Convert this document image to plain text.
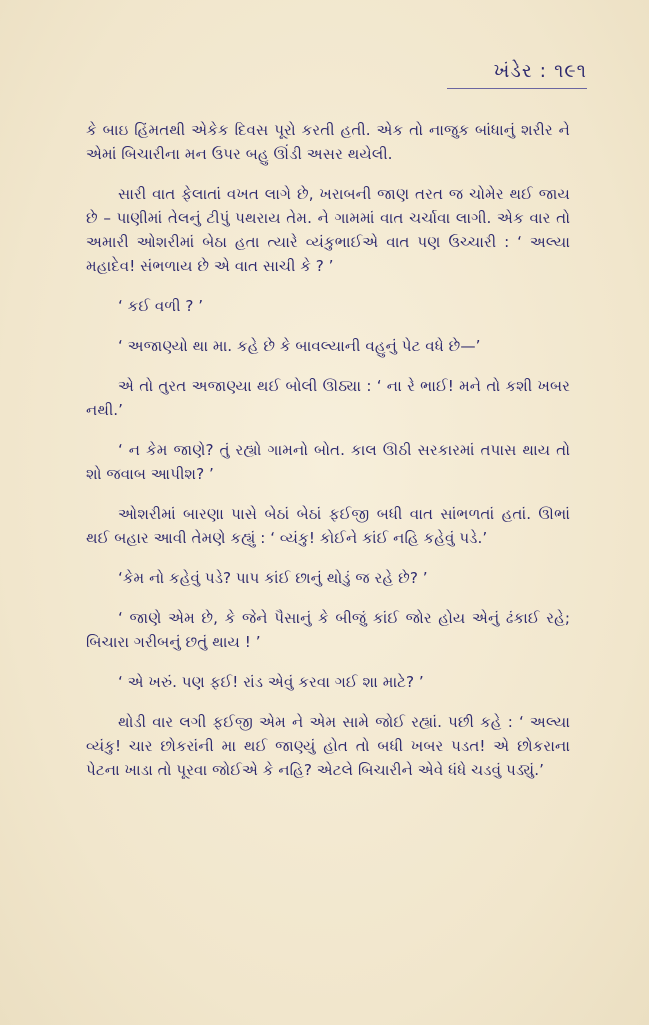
ખંડેર : ૧૯૧

કે બાઇ હિંમતથી એકેક દિવસ પૂરો કરતી હતી. એક તો નાજુક બાંધાનું શરીર ને એમાં બિચારીના મન ઉપર બહુ ઊંડી અસર થયેલી.

સારી વાત ફેલાતાં વખત લાગે છે, ખરાબની જાણ તરત જ ચોમેર થઈ જાય છે – પાણીમાં તેલનું ટીપું પથરાય તેમ. ને ગામમાં વાત ચર્ચાવા લાગી. એક વાર તો અમારી ઓશરીમાં બેઠા હતા ત્યારે વ્યંકુભાઈએ વાત પણ ઉચ્ચારી : ‘ અલ્યા મહાદેવ! સંભળાય છે એ વાત સાચી કે ? ’

‘ કઈ વળી ? ’

‘ અજાણ્યો થા મા. કહે છે કે બાવલ્યાની વહુનું પેટ વધે છે—’

એ તો તુરત અજાણ્યા થઈ બોલી ઊઠ્યા : ‘ ના રે ભાઈ! મને તો કશી ખબર નથી.’

‘ ન કેમ જાણે? તું રહ્યો ગામનો બોત. કાલ ઊઠી સરકારમાં તપાસ થાય તો શો જવાબ આપીશ? ’

ઓશરીમાં બારણા પાસે બેઠાં બેઠાં ફઈજી બધી વાત સાંભળતાં હતાં. ઊભાં થઈ બહાર આવી તેમણે કહ્યું : ‘ વ્યંકુ! કોઈને કાંઈ નહિ કહેવું પડે.’

‘કેમ નો કહેવું પડે? પાપ કાંઈ છાનું થોડું જ રહે છે? ’

‘ જાણે એમ છે, કે જેને પૈસાનું કે બીજું કાંઈ જોર હોય એનું ઢંકાઈ રહે; બિચારા ગરીબનું છતું થાય ! ’

‘ એ ખરું. પણ ફઈ! રાંડ એવું કરવા ગઈ શા માટે? ’

થોડી વાર લગી ફઈજી એમ ને એમ સામે જોઈ રહ્યાં. પછી કહે : ‘ અલ્યા વ્યંકુ! ચાર છોકરાંની મા થઈ જાણ્યું હોત તો બધી ખબર પડત! એ છોકરાના પેટના ખાડા તો પૂરવા જોઈએ કે નહિ? એટલે બિચારીને એવે ધંધે ચડવું પડ્યું.’
